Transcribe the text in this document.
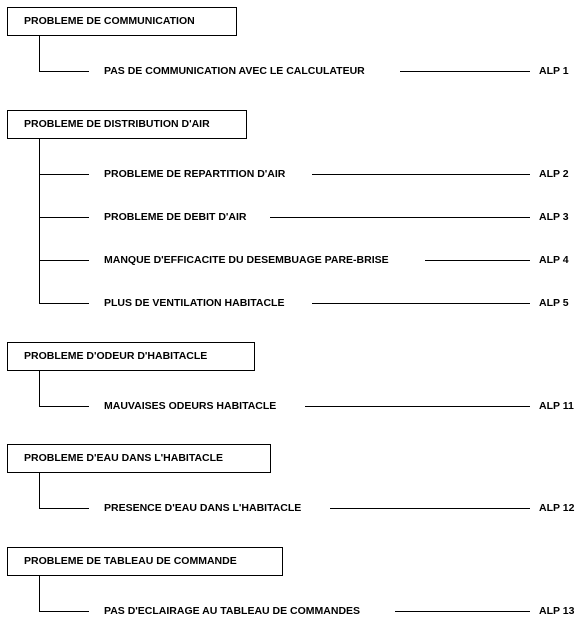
PROBLEME DE COMMUNICATION
PAS DE COMMUNICATION AVEC LE CALCULATEUR	ALP 1
PROBLEME DE DISTRIBUTION D'AIR
PROBLEME DE REPARTITION D'AIR	ALP 2
PROBLEME DE DEBIT D'AIR	ALP 3
MANQUE D'EFFICACITE DU DESEMBUAGE PARE-BRISE	ALP 4
PLUS DE VENTILATION HABITACLE	ALP 5
PROBLEME D'ODEUR D'HABITACLE
MAUVAISES ODEURS HABITACLE	ALP 11
PROBLEME D'EAU DANS L'HABITACLE
PRESENCE D'EAU DANS L'HABITACLE	ALP 12
PROBLEME DE TABLEAU DE COMMANDE
PAS D'ECLAIRAGE AU TABLEAU DE COMMANDES	ALP 13
